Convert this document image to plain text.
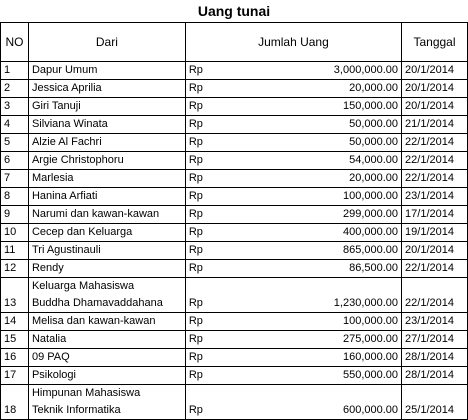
Uang tunai
NO	Dari	Jumlah Uang		Tanggal
1	Dapur Umum	Rp	3,000,000.00	20/1/2014
2	Jessica Aprilia	Rp	20,000.00	20/1/2014
3	Giri Tanuji	Rp	150,000.00	20/1/2014
4	Silviana Winata	Rp	50,000.00	21/1/2014
5	Alzie Al Fachri	Rp	50,000.00	22/1/2014
6	Argie Christophoru	Rp	54,000.00	22/1/2014
7	Marlesia	Rp	20,000.00	22/1/2014
8	Hanina Arfiati	Rp	100,000.00	23/1/2014
9	Narumi dan kawan-kawan	Rp	299,000.00	17/1/2014
10	Cecep dan Keluarga	Rp	400,000.00	19/1/2014
11	Tri Agustinauli	Rp	865,000.00	20/1/2014
12	Rendy	Rp	86,500.00	22/1/2014
13	Keluarga Mahasiswa
Buddha Dhamavaddahana	Rp	1,230,000.00	22/1/2014
14	Melisa dan kawan-kawan	Rp	100,000.00	23/1/2014
15	Natalia	Rp	275,000.00	27/1/2014
16	09 PAQ	Rp	160,000.00	28/1/2014
17	Psikologi	Rp	550,000.00	28/1/2014
18	Himpunan Mahasiswa
Teknik Informatika	Rp	600,000.00	25/1/2014
